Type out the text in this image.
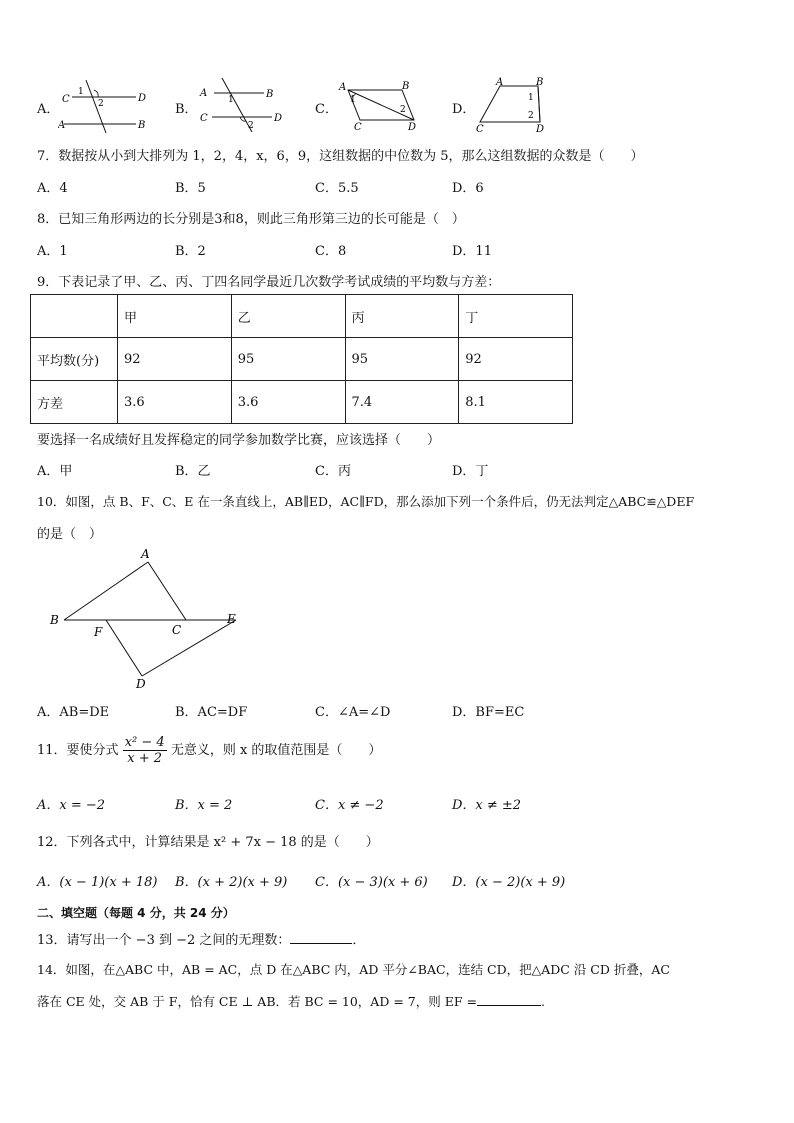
A．
C	D
A	B
1
2	B．
A	B
C	D
1
2
C．
A	B
C	D
1
2	D．
A	B
C	D
1
2
7．数据按从小到大排列为 1，2，4，x，6，9，这组数据的中位数为 5，那么这组数据的众数是（　　）
A．4	B．5	C．5.5	D．6
8．已知三角形两边的长分别是3和8，则此三角形第三边的长可能是（　）
A．1	B．2	C．8	D．11
9．下表记录了甲、乙、丙、丁四名同学最近几次数学考试成绩的平均数与方差：
	甲	乙	丙	丁
平均数(分)	92	95	95	92
方差	3.6	3.6	7.4	8.1
要选择一名成绩好且发挥稳定的同学参加数学比赛，应该选择（　　）
A．甲	B．乙	C．丙	D．丁
10．如图，点 B、F、C、E 在一条直线上，AB∥ED，AC∥FD，那么添加下列一个条件后，仍无法判定△ABC≌△DEF
的是（　）
A
B
F	C
E
D
A．AB=DE	B．AC=DF	C．∠A=∠D	D．BF=EC
11．要使分式 $\frac{\text{x² − 4}}{x + 2}$ 无意义，则 x 的取值范围是（　　）
A．x = −2	B．x = 2	C．x ≠ −2	D．x ≠ ±2
12．下列各式中，计算结果是 x² + 7x − 18 的是（　　）
A．(x − 1)(x + 18) B．(x + 2)(x + 9) C．(x − 3)(x + 6) D．(x − 2)(x + 9)
二、填空题（每题 4 分，共 24 分）
13．请写出一个 −3 到 −2 之间的无理数：	．
14．如图，在△ABC 中，AB = AC，点 D 在△ABC 内，AD 平分∠BAC，连结 CD，把△ADC 沿 CD 折叠，AC
落在 CE 处，交 AB 于 F，恰有 CE ⊥ AB．若 BC = 10，AD = 7，则 EF =	.
